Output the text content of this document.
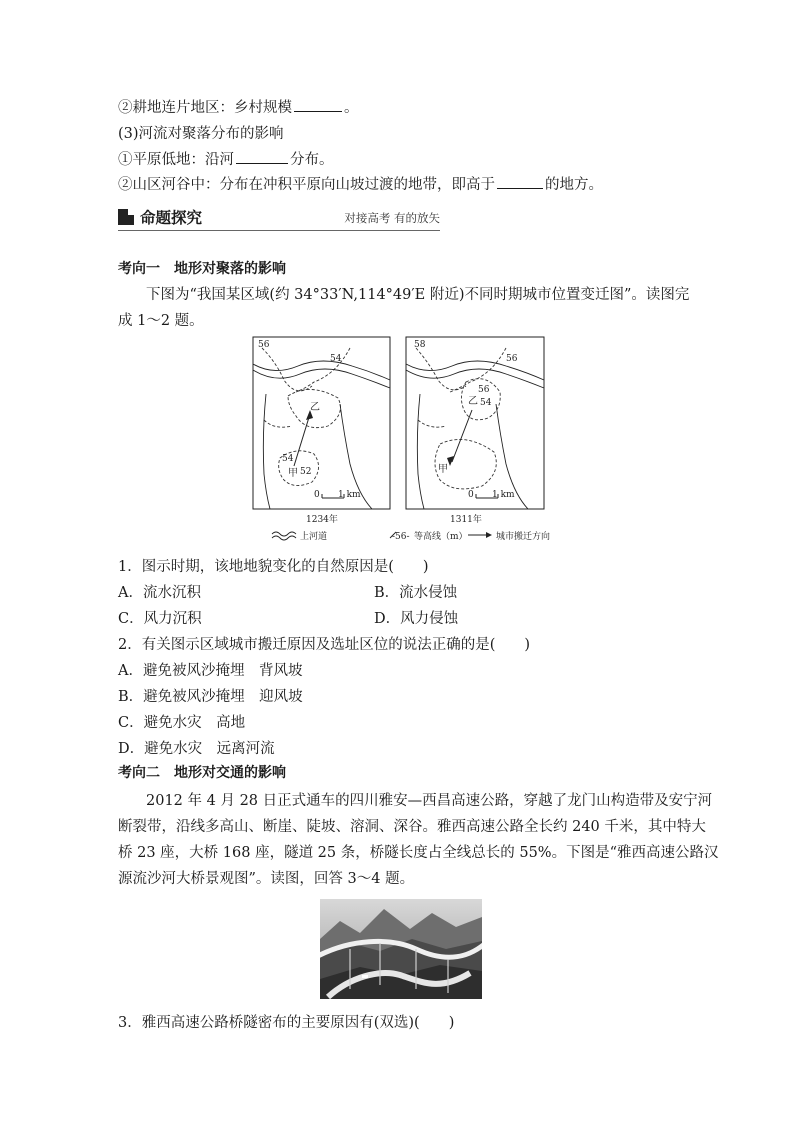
②耕地连片地区：乡村规模	。
(3)河流对聚落分布的影响
①平原低地：沿河	分布。
②山区河谷中：分布在冲积平原向山坡过渡的地带，即高于	的地方。
命题探究	对接高考 有的放矢
考向一　地形对聚落的影响
下图为“我国某区域(约 34°33′N,114°49′E 附近)不同时期城市位置变迁图”。读图完
成 1～2 题。
56
54
54
52
乙
甲
0 1 km
1234年
58
56
56
54
乙
甲
0 1 km
1311年
上河道	-56- 等高线（m）	城市搬迁方向
1．图示时期，该地地貌变化的自然原因是(　　)
A．流水沉积	B．流水侵蚀
C．风力沉积	D．风力侵蚀
2．有关图示区域城市搬迁原因及选址区位的说法正确的是(　　)
A．避免被风沙掩埋　背风坡
B．避免被风沙掩埋　迎风坡
C．避免水灾　高地
D．避免水灾　远离河流
考向二　地形对交通的影响
2012 年 4 月 28 日正式通车的四川雅安—西昌高速公路，穿越了龙门山构造带及安宁河
断裂带，沿线多高山、断崖、陡坡、溶洞、深谷。雅西高速公路全长约 240 千米，其中特大
桥 23 座，大桥 168 座，隧道 25 条，桥隧长度占全线总长的 55%。下图是“雅西高速公路汉
源流沙河大桥景观图”。读图，回答 3～4 题。
3．雅西高速公路桥隧密布的主要原因有(双选)(　　)
